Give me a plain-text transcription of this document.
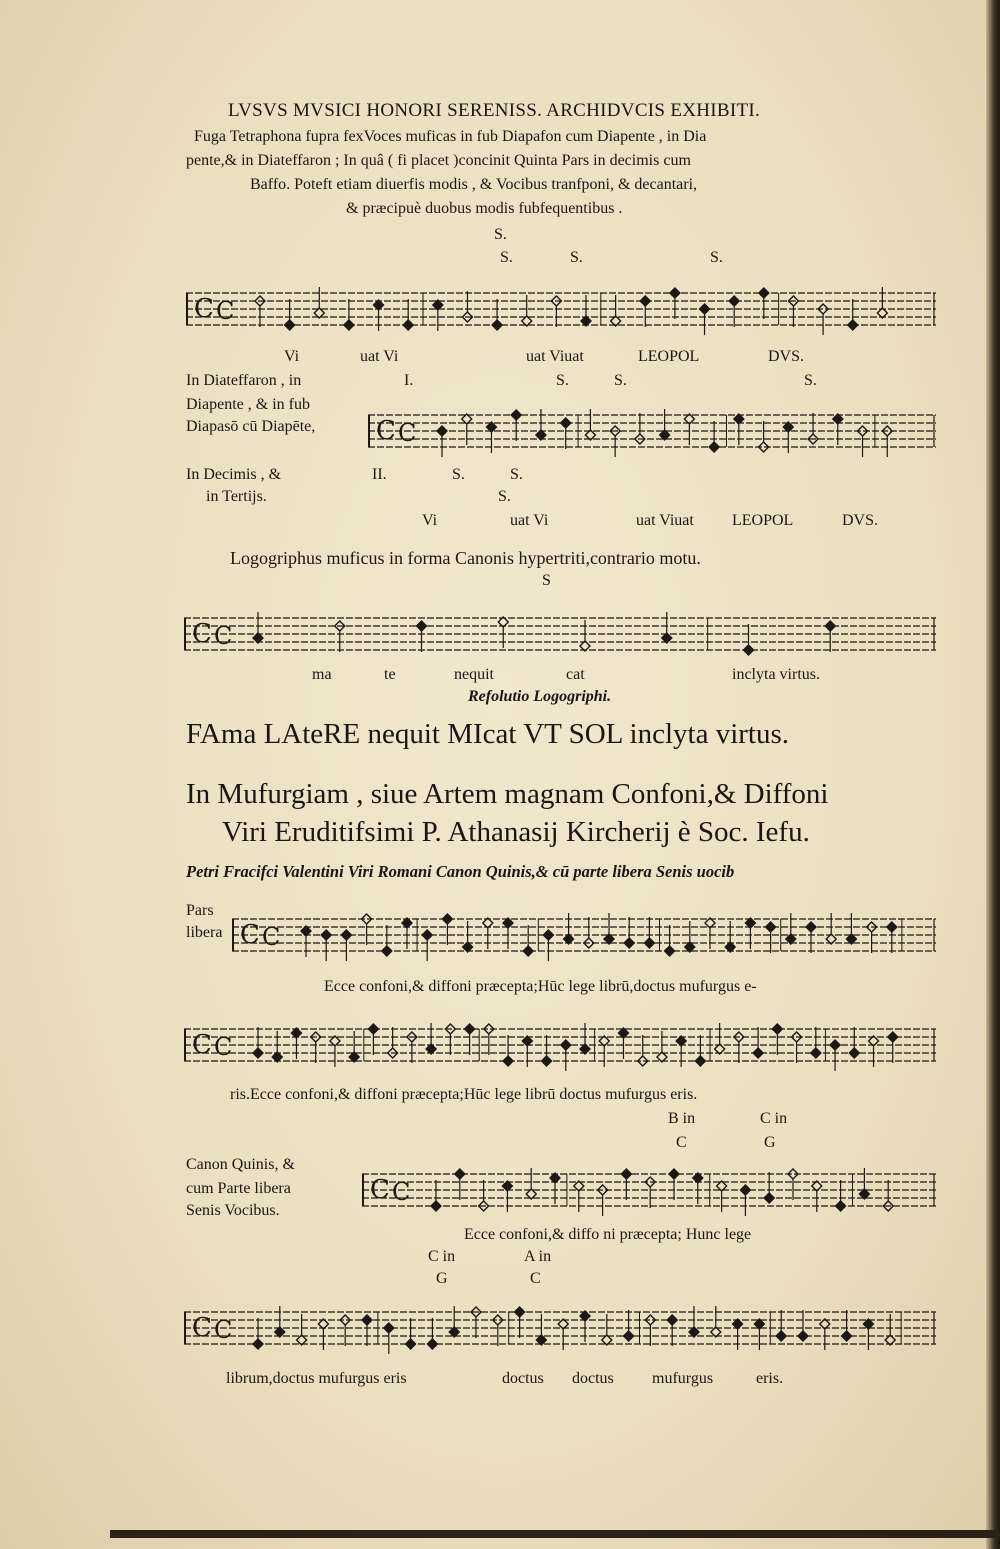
LVSVS MVSICI HONORI SERENISS. ARCHIDVCIS EXHIBITI.
Fuga Tetraphona fupra fexVoces muficas in fub Diapafon cum Diapente , in Dia
pente,& in Diateffaron ; In quâ ( fi placet )concinit Quinta Pars in decimis cum
Baffo. Poteft etiam diuerfis modis , & Vocibus tranfponi, & decantari,
& præcipuè duobus modis fubfequentibus .
S.
S.	S.	S.
C C
Vi	uat Vi	uat Viuat	LEOPOL	DVS.
In Diateffaron , in
Diapente , & in fub
Diapasō cū Diapēte,
In Decimis , &
in Tertijs.
I.
II.
S.	S.	S.
C C
S.	S.
S.
Vi	uat Vi	uat Viuat LEOPOL	DVS.
Logogriphus muficus in forma Canonis hypertriti,contrario motu.
S
C C
ma	te	nequit	cat	inclyta virtus.
Refolutio Logogriphi.
FAma LAteRE nequit MIcat VT SOL inclyta virtus.
In Mufurgiam , siue Artem magnam Confoni,& Diffoni
Viri Eruditifsimi P. Athanasij Kircherij è Soc. Iefu.
Petri Fracifci Valentini Viri Romani Canon Quinis,& cū parte libera Senis uocib
Pars
libera C C
Ecce confoni,& diffoni præcepta;Hūc lege librū,doctus mufurgus e-
C C
ris.Ecce confoni,& diffoni præcepta;Hūc lege librū doctus mufurgus eris.
B in
C
C in
G
Canon Quinis, &
cum Parte libera
Senis Vocibus.
C C
Ecce confoni,& diffo ni præcepta; Hunc lege
C in
G
A in
C
C C
librum,doctus mufurgus eris	doctus doctus mufurgus	eris.
